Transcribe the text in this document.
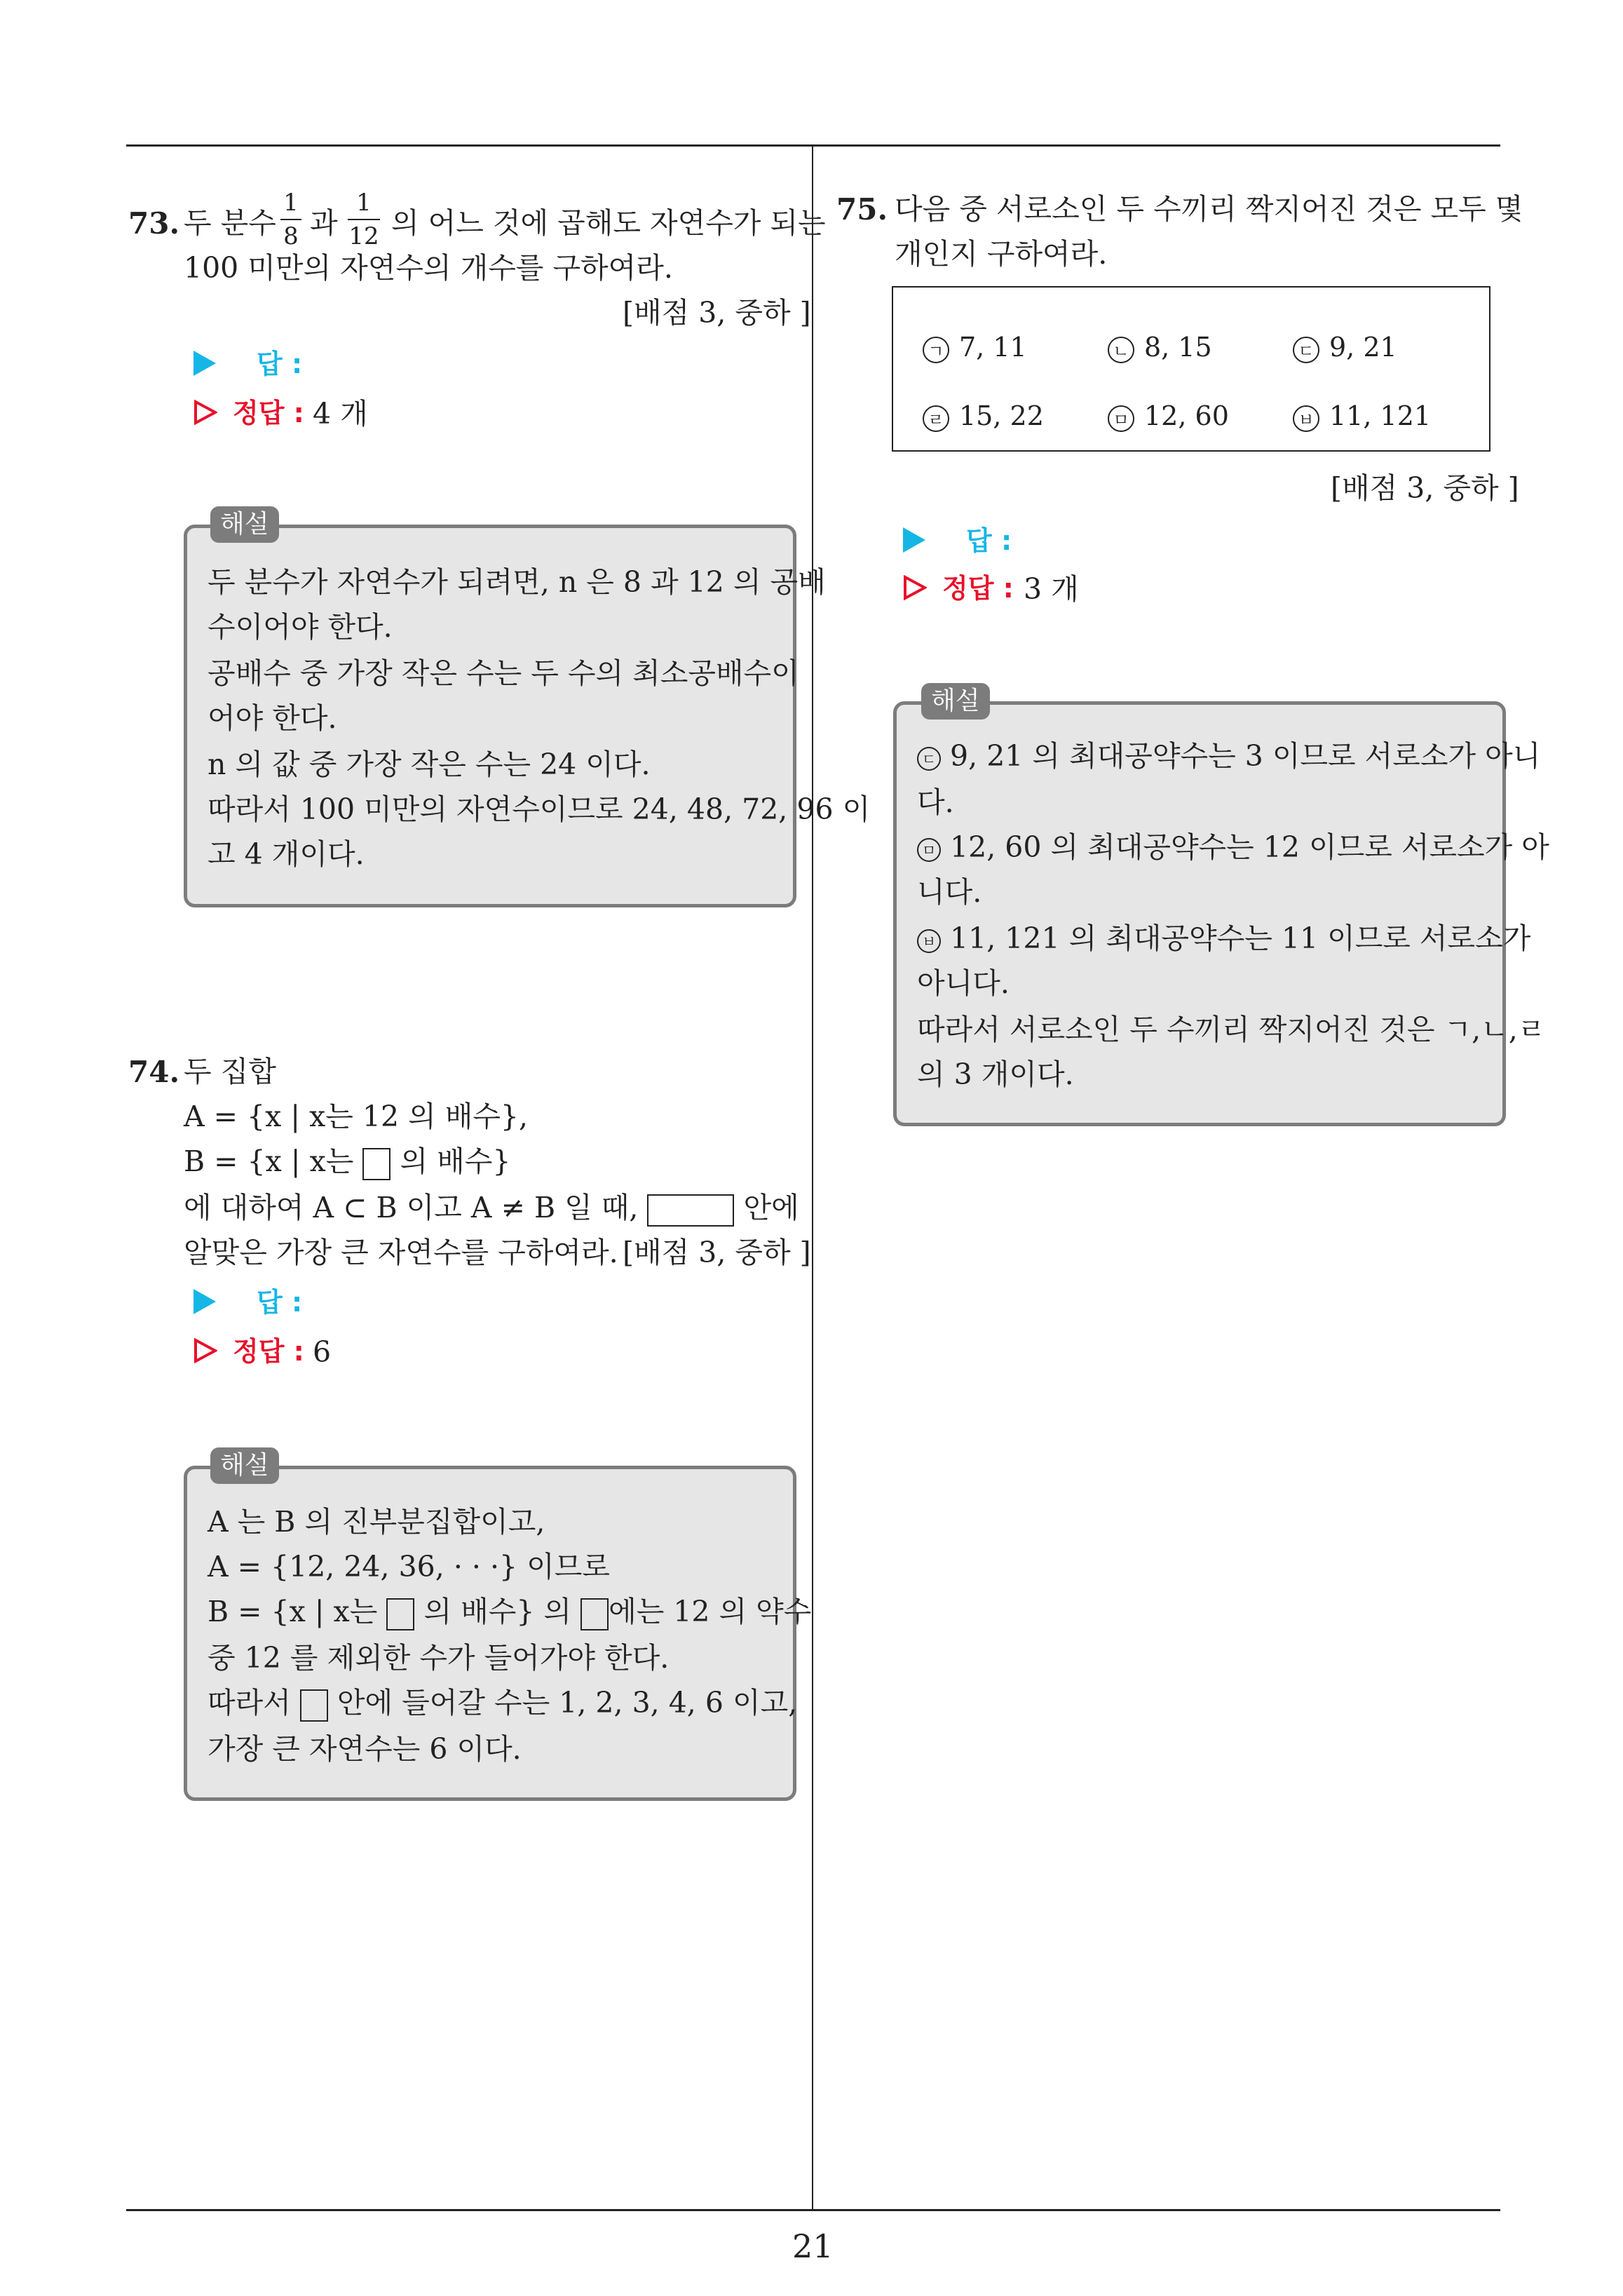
21
73. 두 분수
1
8 과
1
12 의 어느 것에 곱해도 자연수가 되는
100 미만의 자연수의 개수를 구하여라.
[배점 3, 중하 ]
답 :
정답 : 4 개
해설
두 분수가 자연수가 되려면, n 은 8 과 12 의 공배
수이어야 한다.
공배수 중 가장 작은 수는 두 수의 최소공배수이
어야 한다.
n 의 값 중 가장 작은 수는 24 이다.
따라서 100 미만의 자연수이므로 24, 48, 72, 96 이
고 4 개이다.
74. 두 집합
A = {x | x는 12 의 배수},
B = {x | x는 의 배수}
에 대하여 A ⊂ B 이고 A ≠ B 일 때,	안에
알맞은 가장 큰 자연수를 구하여라. [배점 3, 중하 ]
답 :
정답 : 6
해설
A 는 B 의 진부분집합이고,
A = {12, 24, 36, · · ·} 이므로
B = {x | x는 의 배수} 의 에는 12 의 약수
중 12 를 제외한 수가 들어가야 한다.
따라서 안에 들어갈 수는 1, 2, 3, 4, 6 이고,
가장 큰 자연수는 6 이다.
75. 다음 중 서로소인 두 수끼리 짝지어진 것은 모두 몇
개인지 구하여라.
ㄱ 7, 11	ㄴ 8, 15	ㄷ 9, 21
ㄹ 15, 22	ㅁ 12, 60	ㅂ 11, 121
[배점 3, 중하 ]
답 :
정답 : 3 개
해설
ㄷ 9, 21 의 최대공약수는 3 이므로 서로소가 아니
다.
ㅁ 12, 60 의 최대공약수는 12 이므로 서로소가 아
니다.
ㅂ 11, 121 의 최대공약수는 11 이므로 서로소가
아니다.
따라서 서로소인 두 수끼리 짝지어진 것은 ㄱ,ㄴ,ㄹ
의 3 개이다.
